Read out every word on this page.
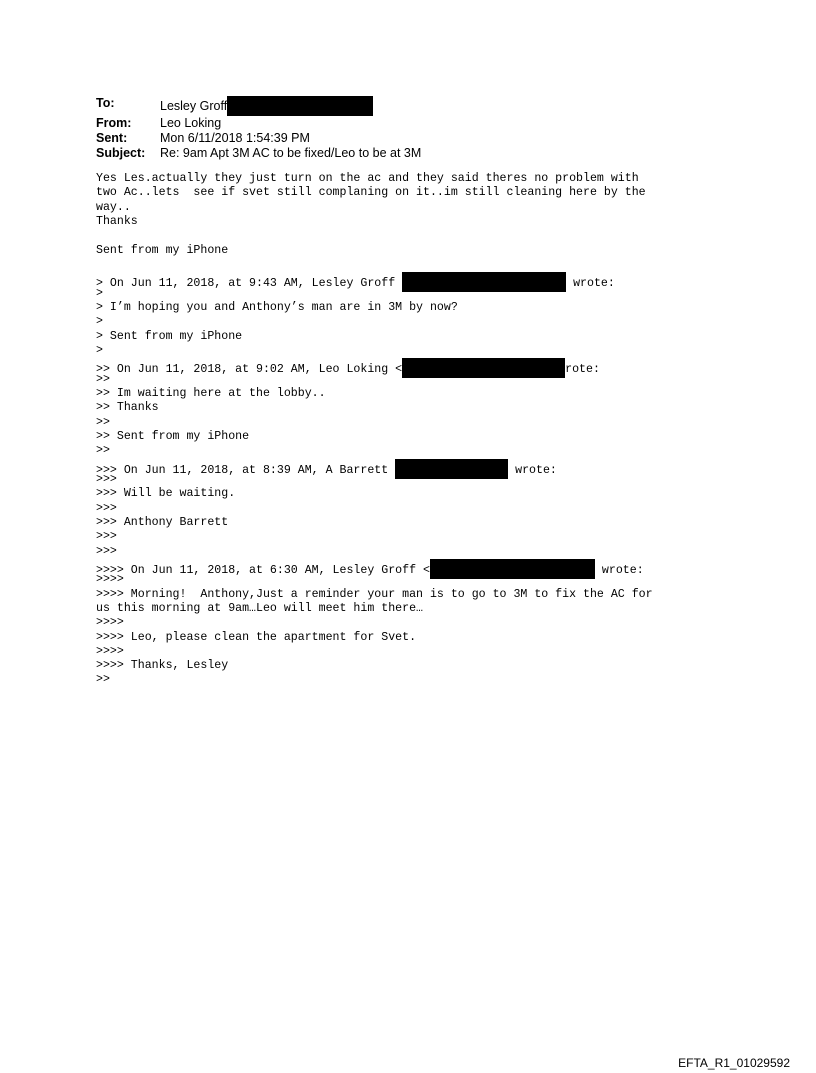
To:	Lesley Groff
From:	Leo Loking
Sent:	Mon 6/11/2018 1:54:39 PM
Subject:	Re: 9am Apt 3M AC to be fixed/Leo to be at 3M
Yes Les.actually they just turn on the ac and they said theres no problem with
two Ac..lets  see if svet still complaning on it..im still cleaning here by the
way..
Thanks
Sent from my iPhone
> On Jun 11, 2018, at 9:43 AM, Lesley Groff	wrote:
>
> I’m hoping you and Anthony’s man are in 3M by now?
>
> Sent from my iPhone
>
>> On Jun 11, 2018, at 9:02 AM, Leo Loking <	rote:
>>
>> Im waiting here at the lobby..
>> Thanks
>>
>> Sent from my iPhone
>>
>>> On Jun 11, 2018, at 8:39 AM, A Barrett	wrote:
>>>
>>> Will be waiting.
>>>
>>> Anthony Barrett
>>>
>>>
>>>> On Jun 11, 2018, at 6:30 AM, Lesley Groff <	wrote:
>>>>
>>>> Morning!  Anthony,Just a reminder your man is to go to 3M to fix the AC for
us this morning at 9am…Leo will meet him there…
>>>>
>>>> Leo, please clean the apartment for Svet.
>>>>
>>>> Thanks, Lesley
>>
EFTA_R1_01029592
